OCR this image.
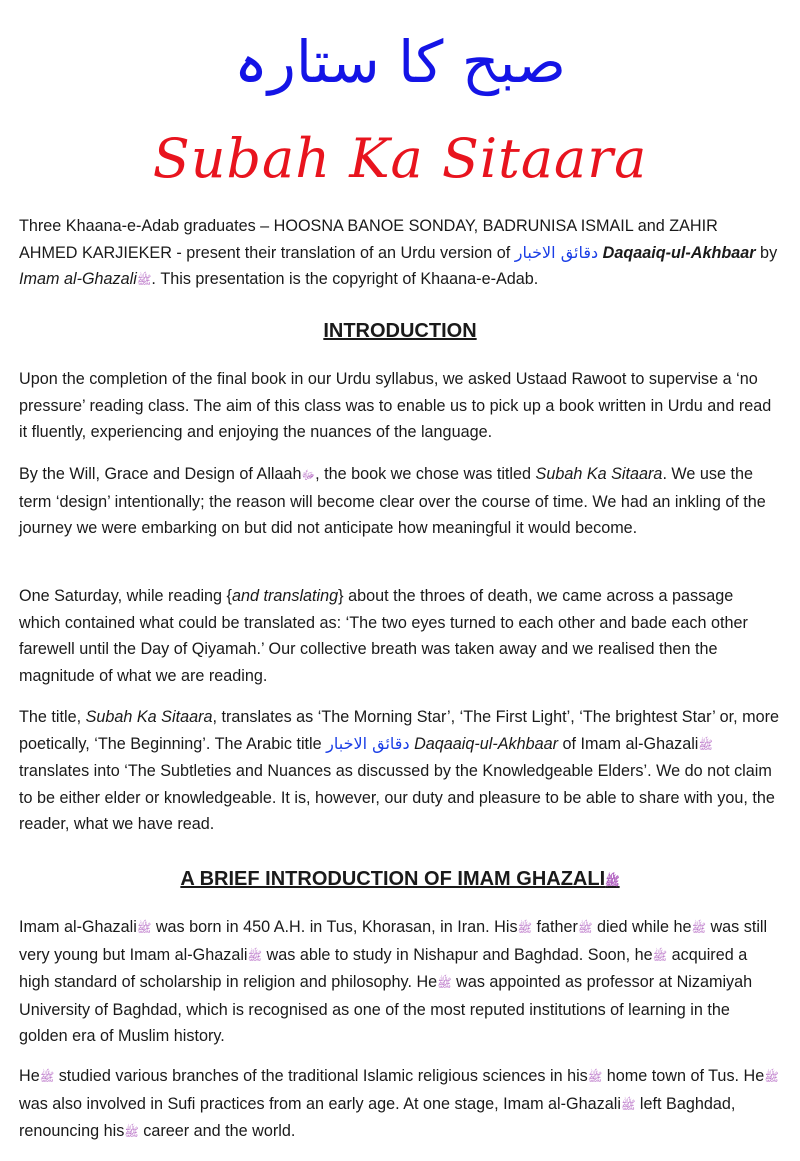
صبح کا ستارہ
Subah Ka Sitaara

Three Khaana-e-Adab graduates – HOOSNA BANOE SONDAY, BADRUNISA ISMAIL and ZAHIR AHMED KARJIEKER - present their translation of an Urdu version of دقائق الاخبار Daqaaiq-ul-Akhbaar by Imam al-Ghazaliﷺ. This presentation is the copyright of Khaana-e-Adab.

INTRODUCTION

Upon the completion of the final book in our Urdu syllabus, we asked Ustaad Rawoot to supervise a ‘no pressure’ reading class. The aim of this class was to enable us to pick up a book written in Urdu and read it fluently, experiencing and enjoying the nuances of the language.

By the Will, Grace and Design of Allaahﷻ, the book we chose was titled Subah Ka Sitaara. We use the term ‘design’ intentionally; the reason will become clear over the course of time. We had an inkling of the journey we were embarking on but did not anticipate how meaningful it would become.

One Saturday, while reading {and translating} about the throes of death, we came across a passage which contained what could be translated as: ‘The two eyes turned to each other and bade each other farewell until the Day of Qiyamah.’ Our collective breath was taken away and we realised then the magnitude of what we are reading.

The title, Subah Ka Sitaara, translates as ‘The Morning Star’, ‘The First Light’, ‘The brightest Star’ or, more poetically, ‘The Beginning’. The Arabic title دقائق الاخبار Daqaaiq-ul-Akhbaar of Imam al-Ghazaliﷺ translates into ‘The Subtleties and Nuances as discussed by the Knowledgeable Elders’. We do not claim to be either elder or knowledgeable. It is, however, our duty and pleasure to be able to share with you, the reader, what we have read.

A BRIEF INTRODUCTION OF IMAM GHAZALIﷺ

Imam al-Ghazaliﷺ was born in 450 A.H. in Tus, Khorasan, in Iran. Hisﷺ fatherﷺ died while heﷺ was still very young but Imam al-Ghazaliﷺ was able to study in Nishapur and Baghdad. Soon, heﷺ acquired a high standard of scholarship in religion and philosophy. Heﷺ was appointed as professor at Nizamiyah University of Baghdad, which is recognised as one of the most reputed institutions of learning in the golden era of Muslim history.

Heﷺ studied various branches of the traditional Islamic religious sciences in hisﷺ home town of Tus. Heﷺ was also involved in Sufi practices from an early age. At one stage, Imam al-Ghazaliﷺ left Baghdad, renouncing hisﷺ career and the world.
